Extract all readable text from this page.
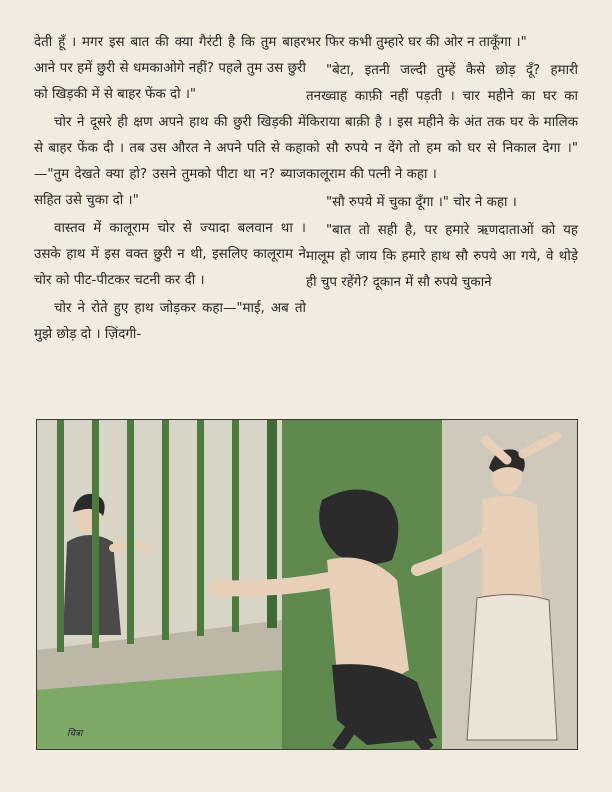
देती हूँ । मगर इस बात की क्या गैरंटी है कि तुम बाहर आने पर हमें छुरी से धमकाओगे नहीं? पहले तुम उस छुरी को खिड़की में से बाहर फेंक दो ।"

चोर ने दूसरे ही क्षण अपने हाथ की छुरी खिड़की में से बाहर फेंक दी । तब उस औरत ने अपने पति से कहा—"तुम देखते क्या हो? उसने तुमको पीटा था न? ब्याज सहित उसे चुका दो ।"

वास्तव में कालूराम चोर से ज्यादा बलवान था । उसके हाथ में इस वक्त छुरी न थी, इसलिए कालूराम ने चोर को पीट-पीटकर चटनी कर दी ।

चोर ने रोते हुए हाथ जोड़कर कहा—"माई, अब तो मुझे छोड़ दो । ज़िंदगी-

भर फिर कभी तुम्हारे घर की ओर न ताकूँगा ।"

"बेटा, इतनी जल्दी तुम्हें कैसे छोड़ दूँ? हमारी तनख्वाह काफ़ी नहीं पड़ती । चार महीने का घर का किराया बाक़ी है । इस महीने के अंत तक घर के मालिक को सौ रुपये न देंगे तो हम को घर से निकाल देगा ।" कालूराम की पत्नी ने कहा ।

"सौ रुपये में चुका दूँगा ।" चोर ने कहा ।

"बात तो सही है, पर हमारे ऋणदाताओं को यह मालूम हो जाय कि हमारे हाथ सौ रुपये आ गये, वे थोड़े ही चुप रहेंगे? दूकान में सौ रुपये चुकाने

चित्रा
